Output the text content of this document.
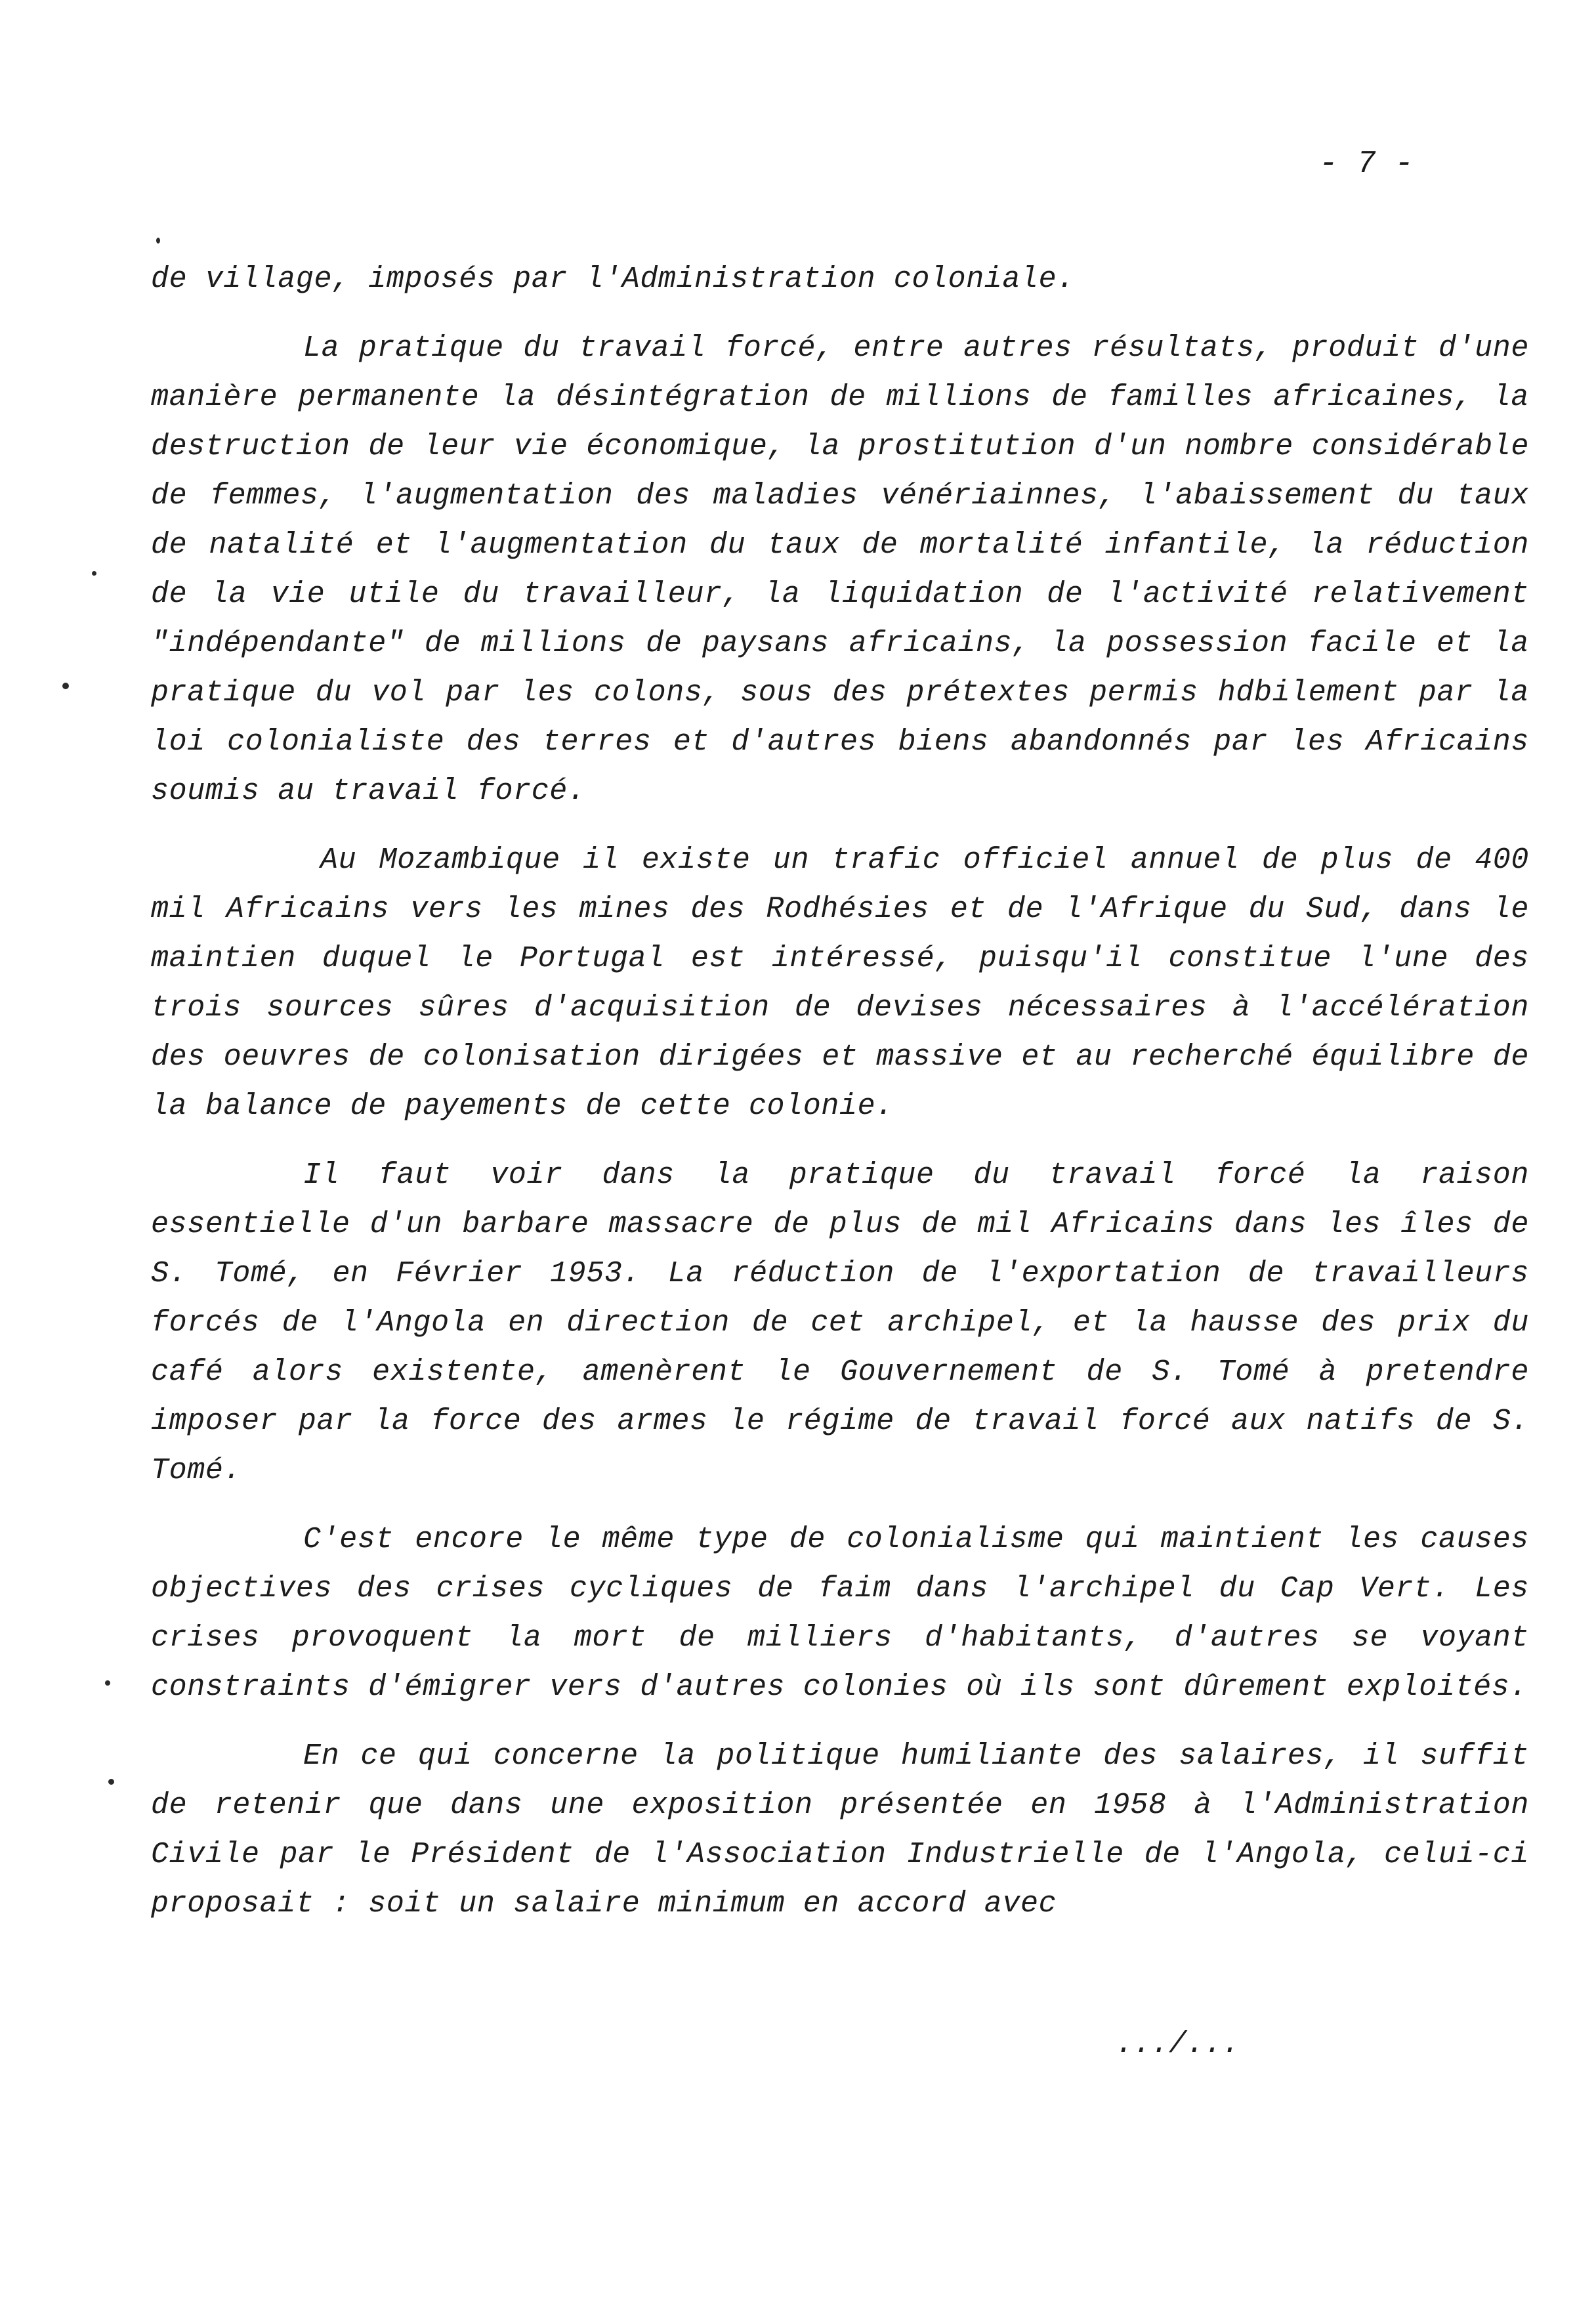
- 7 -

de village, imposés par l'Administration coloniale.

La pratique du travail forcé, entre autres résultats, produit d'une manière permanente la désintégration de millions de familles africaines, la destruction de leur vie économique, la prostitution d'un nombre considérable de femmes, l'augmentation des maladies vénériainnes, l'abaissement du taux de natalité et l'augmentation du taux de mortalité infantile, la réduction de la vie utile du travailleur, la liquidation de l'activité relativement "indépendante" de millions de paysans africains, la possession facile et la pratique du vol par les colons, sous des prétextes permis hdbilement par la loi colonialiste des terres et d'autres biens abandonnés par les Africains soumis au travail forcé.

Au Mozambique il existe un trafic officiel annuel de plus de 400 mil Africains vers les mines des Rodhésies et de l'Afrique du Sud, dans le maintien duquel le Portugal est intéressé, puisqu'il constitue l'une des trois sources sûres d'acquisition de devises nécessaires à l'accélération des oeuvres de colonisation dirigées et massive et au recherché équilibre de la balance de payements de cette colonie.

Il faut voir dans la pratique du travail forcé la raison essentielle d'un barbare massacre de plus de mil Africains dans les îles de S. Tomé, en Février 1953. La réduction de l'exportation de travailleurs forcés de l'Angola en direction de cet archipel, et la hausse des prix du café alors existente, amenèrent le Gouvernement de S. Tomé à pretendre imposer par la force des armes le régime de travail forcé aux natifs de S. Tomé.

C'est encore le même type de colonialisme qui maintient les causes objectives des crises cycliques de faim dans l'archipel du Cap Vert. Les crises provoquent la mort de milliers d'habitants, d'autres se voyant constraints d'émigrer vers d'autres colonies où ils sont dûrement exploités.

En ce qui concerne la politique humiliante des salaires, il suffit de retenir que dans une exposition présentée en 1958 à l'Administration Civile par le Président de l'Association Industrielle de l'Angola, celui-ci proposait : soit un salaire minimum en accord avec

.../...
